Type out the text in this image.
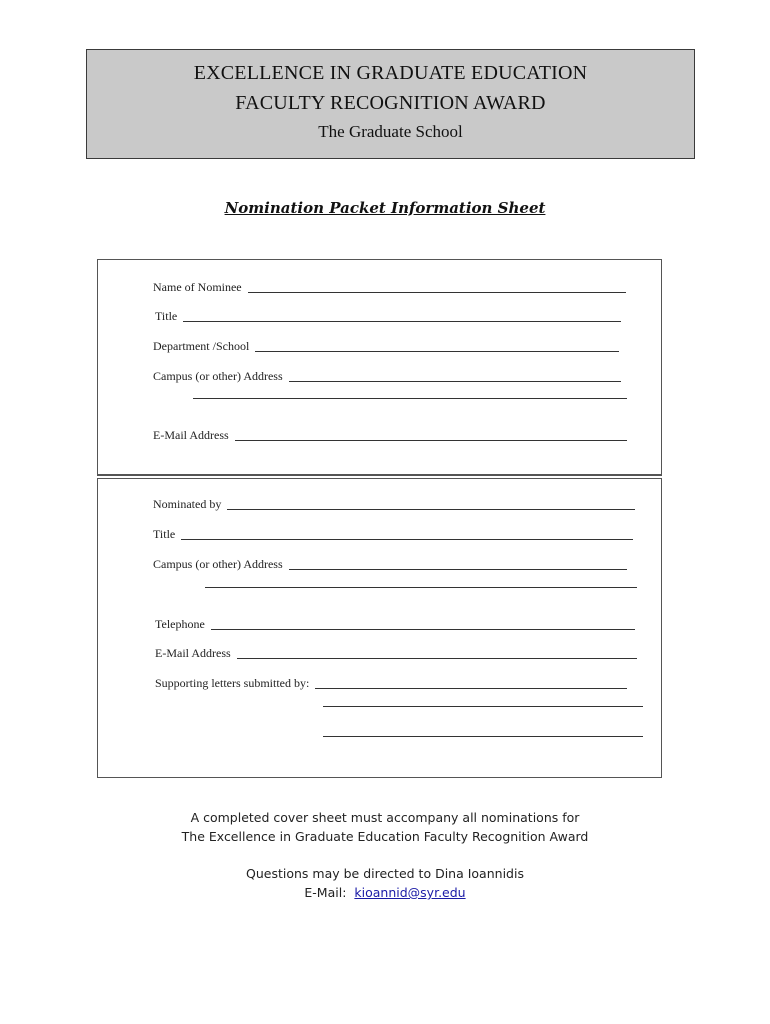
EXCELLENCE IN GRADUATE EDUCATION
FACULTY RECOGNITION AWARD
The Graduate School
Nomination Packet Information Sheet
Name of Nominee
Title
Department /School
Campus (or other) Address
E-Mail Address
Nominated by
Title
Campus (or other) Address
Telephone
E-Mail Address
Supporting letters submitted by:
A completed cover sheet must accompany all nominations for
The Excellence in Graduate Education Faculty Recognition Award
Questions may be directed to Dina Ioannidis
E-Mail: kioannid@syr.edu
